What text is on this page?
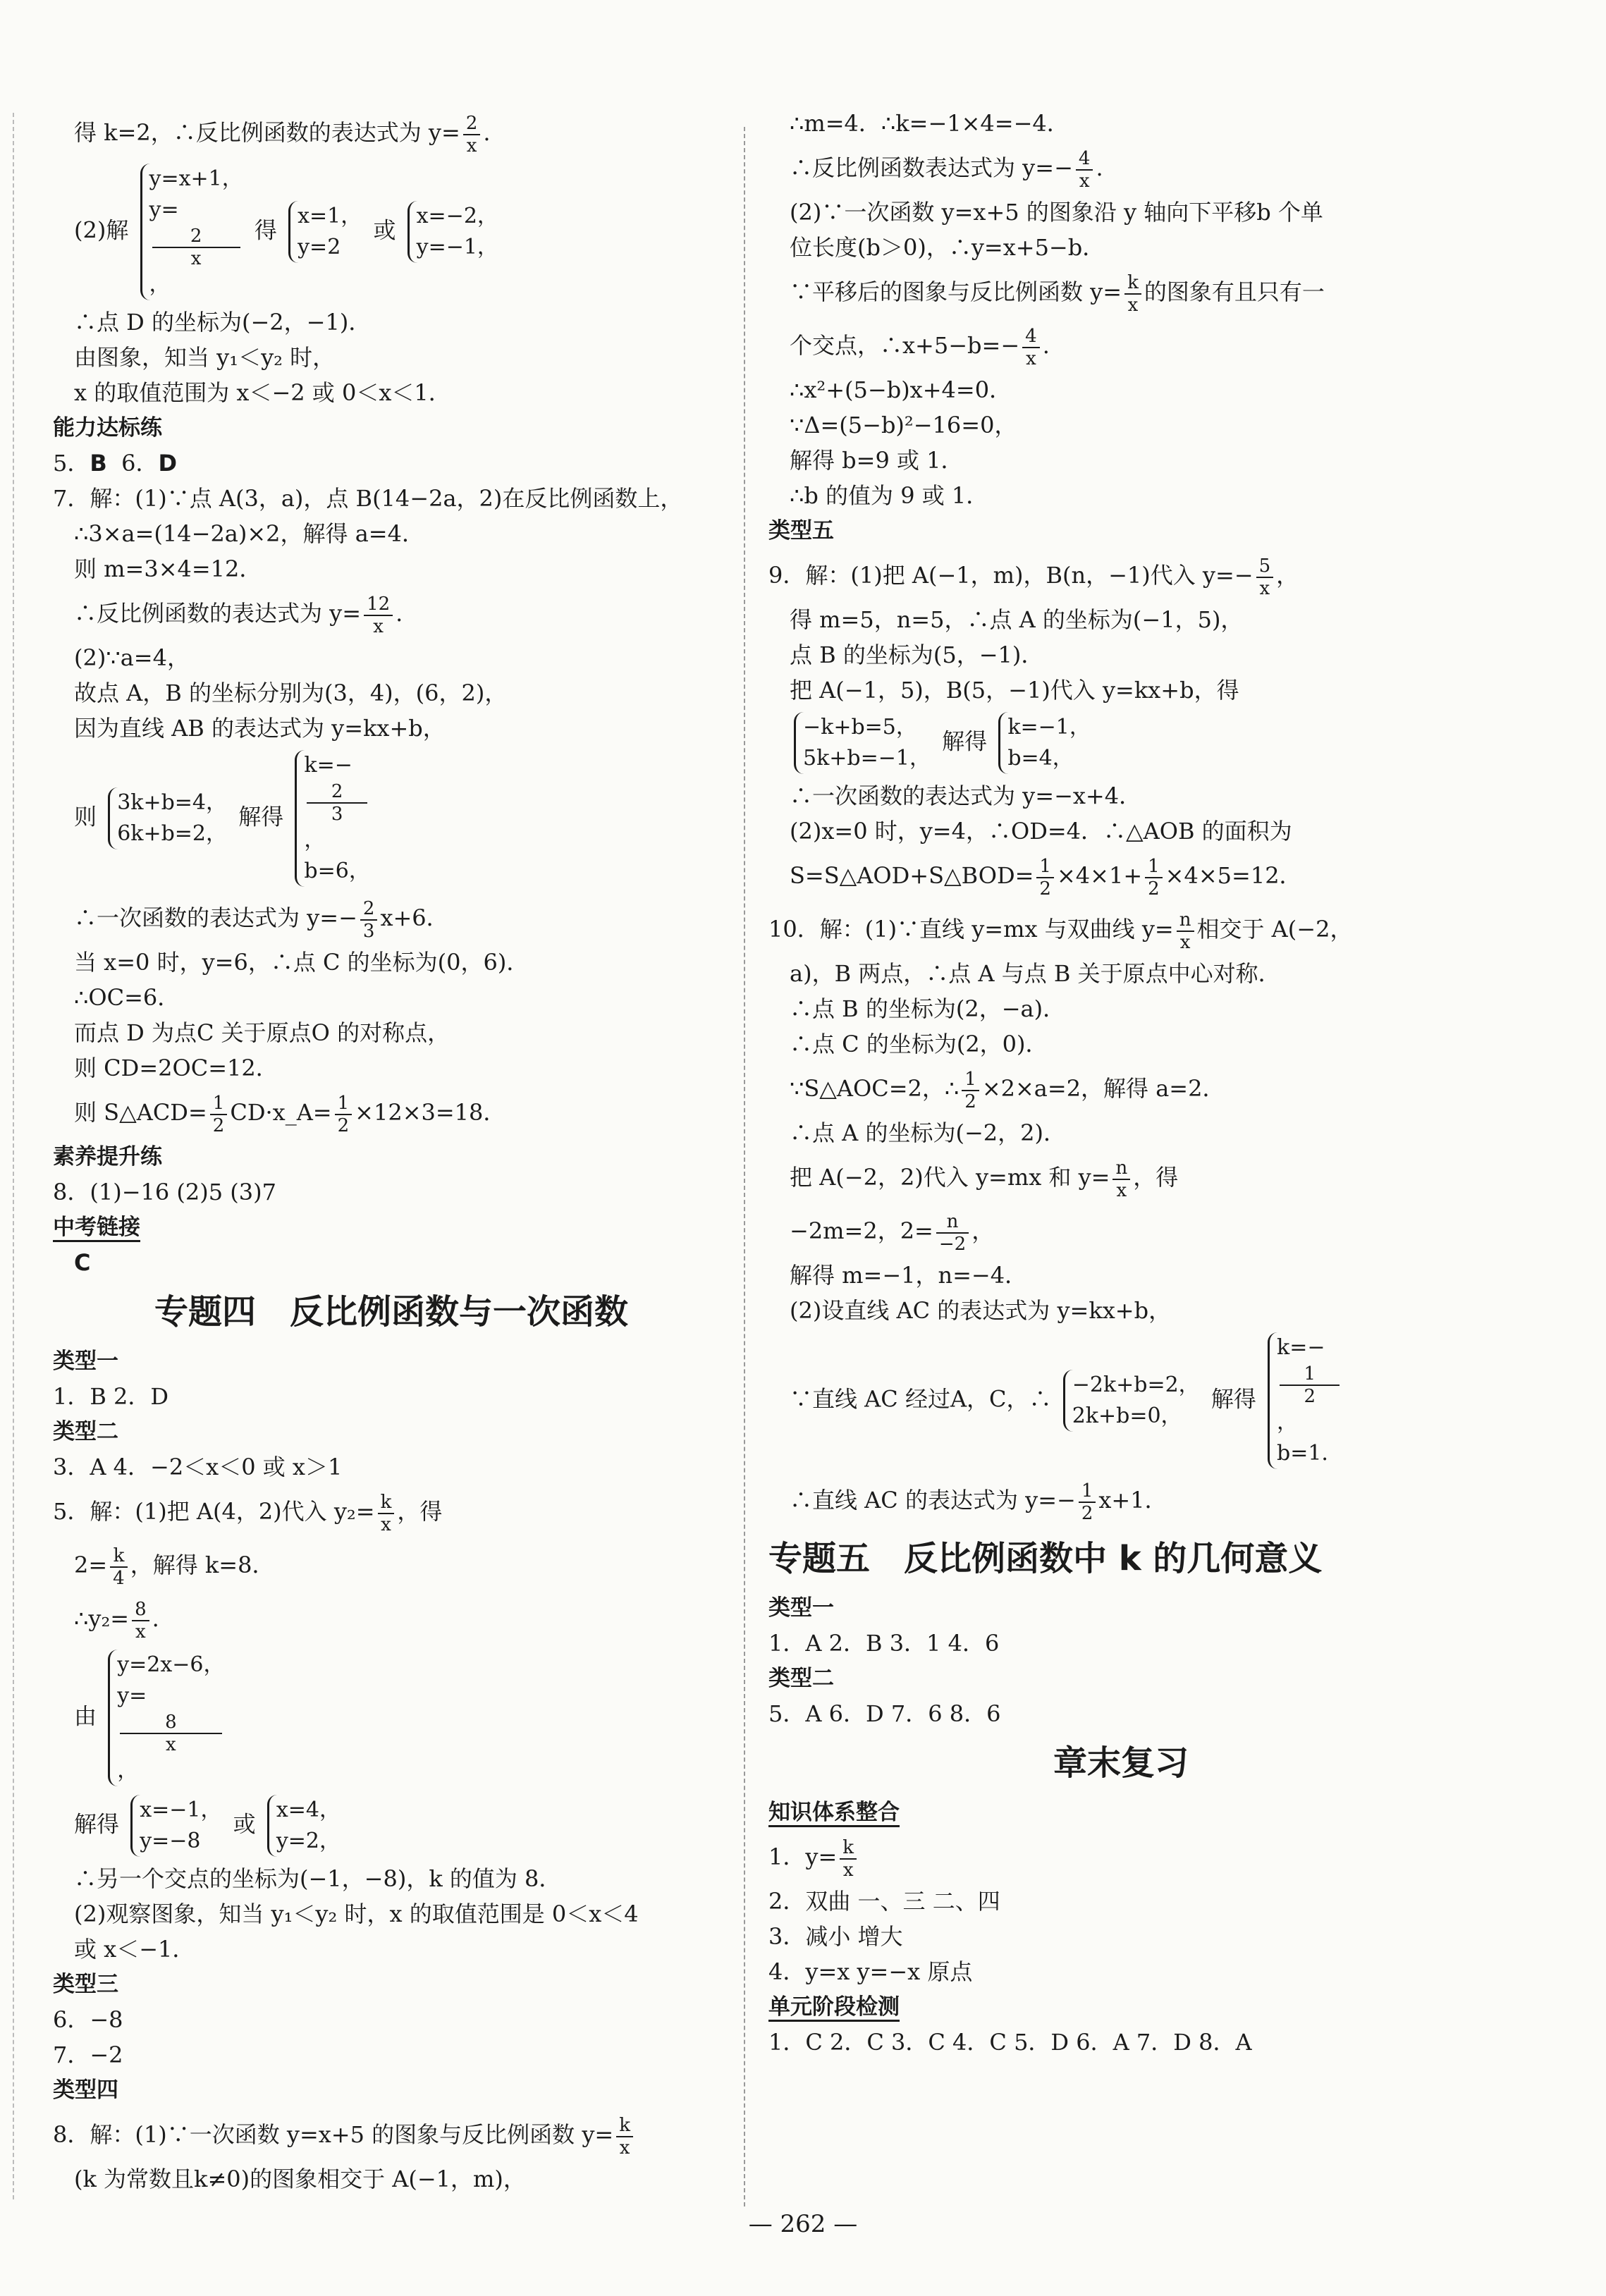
得 k=2，∴反比例函数的表达式为 $y= \frac{2}{x}$ .
(2)解
y=x+1，
y=
2
x
，
得
x=1，
y=2
或
x=−2，
y=−1，
∴点 D 的坐标为(−2，−1)．
由图象，知当 y₁＜y₂ 时，
x 的取值范围为 x＜−2 或 0＜x＜1．
能力达标练
5．B 6．D
7．解：(1)∵点 A(3，a)，点 B(14−2a，2)在反比例函数上，
∴3×a=(14−2a)×2，解得 a=4．
则 m=3×4=12．
∴反比例函数的表达式为 $y= \frac{12}{x}$ .
(2)∵a=4，
故点 A，B 的坐标分别为(3，4)，(6，2)，
因为直线 AB 的表达式为 y=kx+b，
则
3k+b=4，
6k+b=2，
解得
k=−
2
3
，
b=6，
∴一次函数的表达式为 $y=- \frac{2}{3} x+6$．
当 x=0 时，y=6，∴点 C 的坐标为(0，6)．
∴OC=6．
而点 D 为点C 关于原点O 的对称点，
则 CD=2OC=12．
则 S△ACD= $\frac{1}{2}$ CD·x_A= $\frac{1}{2} \times 12\times 3=18$．
素养提升练
8．(1)−16 (2)5 (3)7
中考链接
C
专题四　反比例函数与一次函数
类型一
1．B 2．D
类型二
3．A 4．−2＜x＜0 或 x＞1
5．解：(1)把 A(4，2)代入 $y_2= \frac{k}{x}$ ，得
$2= \frac{k}{4}$ ，解得 k=8．
∴y₂= $\frac{8}{x}$ .
由
y=2x−6，
y=
8
x
，
解得
x=−1，
y=−8
或
x=4，
y=2，
∴另一个交点的坐标为(−1，−8)，k 的值为 8．
(2)观察图象，知当 y₁＜y₂ 时，x 的取值范围是 0＜x＜4
或 x＜−1．
类型三
6．−8
7．−2
类型四
8．解：(1)∵一次函数 y=x+5 的图象与反比例函数 $y= \frac{k}{x}$
(k 为常数且k≠0)的图象相交于 A(−1，m)，
∴m=4．∴k=−1×4=−4．
∴反比例函数表达式为 $y=- \frac{4}{x}$ .
(2)∵一次函数 y=x+5 的图象沿 y 轴向下平移b 个单
位长度(b＞0)，∴y=x+5−b．
∵平移后的图象与反比例函数 $y= \frac{k}{x}$ 的图象有且只有一
个交点，∴x+5−b=− $\frac{4}{x}$ .
∴x²+(5−b)x+4=0．
∵Δ=(5−b)²−16=0，
解得 b=9 或 1．
∴b 的值为 9 或 1．
类型五
9．解：(1)把 A(−1，m)，B(n，−1)代入 $y=- \frac{5}{x}$ ，
得 m=5，n=5，∴点 A 的坐标为(−1，5)，
点 B 的坐标为(5，−1)．
把 A(−1，5)，B(5，−1)代入 y=kx+b，得
−k+b=5，
5k+b=−1，
解得
k=−1，
b=4，
∴一次函数的表达式为 y=−x+4．
(2)x=0 时，y=4，∴OD=4．∴△AOB 的面积为
S=S△AOD+S△BOD= $\frac{1}{2} \times 4\times 1+ \frac{1}{2} \times 4\times 5=12$．
10．解：(1)∵直线 y=mx 与双曲线 $y= \frac{n}{x}$ 相交于 A(−2，
a)，B 两点，∴点 A 与点 B 关于原点中心对称．
∴点 B 的坐标为(2，−a)．
∴点 C 的坐标为(2，0)．
∵S△AOC=2，∴ $\frac{1}{2} \times 2\times a=2$，解得 a=2．
∴点 A 的坐标为(−2，2)．
把 A(−2，2)代入 y=mx 和 $y= \frac{n}{x}$ ，得
−2m=2，$2= \frac{n}{-2}$ ，
解得 m=−1，n=−4．
(2)设直线 AC 的表达式为 y=kx+b，
∵直线 AC 经过A，C，∴
−2k+b=2，
2k+b=0，
解得
k=−
1
2
，
b=1．
∴直线 AC 的表达式为 $y=- \frac{1}{2} x+1$．
专题五　反比例函数中 k 的几何意义
类型一
1．A 2．B 3．1 4．6
类型二
5．A 6．D 7．6 8．6
章末复习
知识体系整合
1．$y= \frac{k}{x}$
2．双曲 一、三 二、四
3．减小 增大
4．y=x y=−x 原点
单元阶段检测
1．C 2．C 3．C 4．C 5．D 6．A 7．D 8．A
— 262 —
